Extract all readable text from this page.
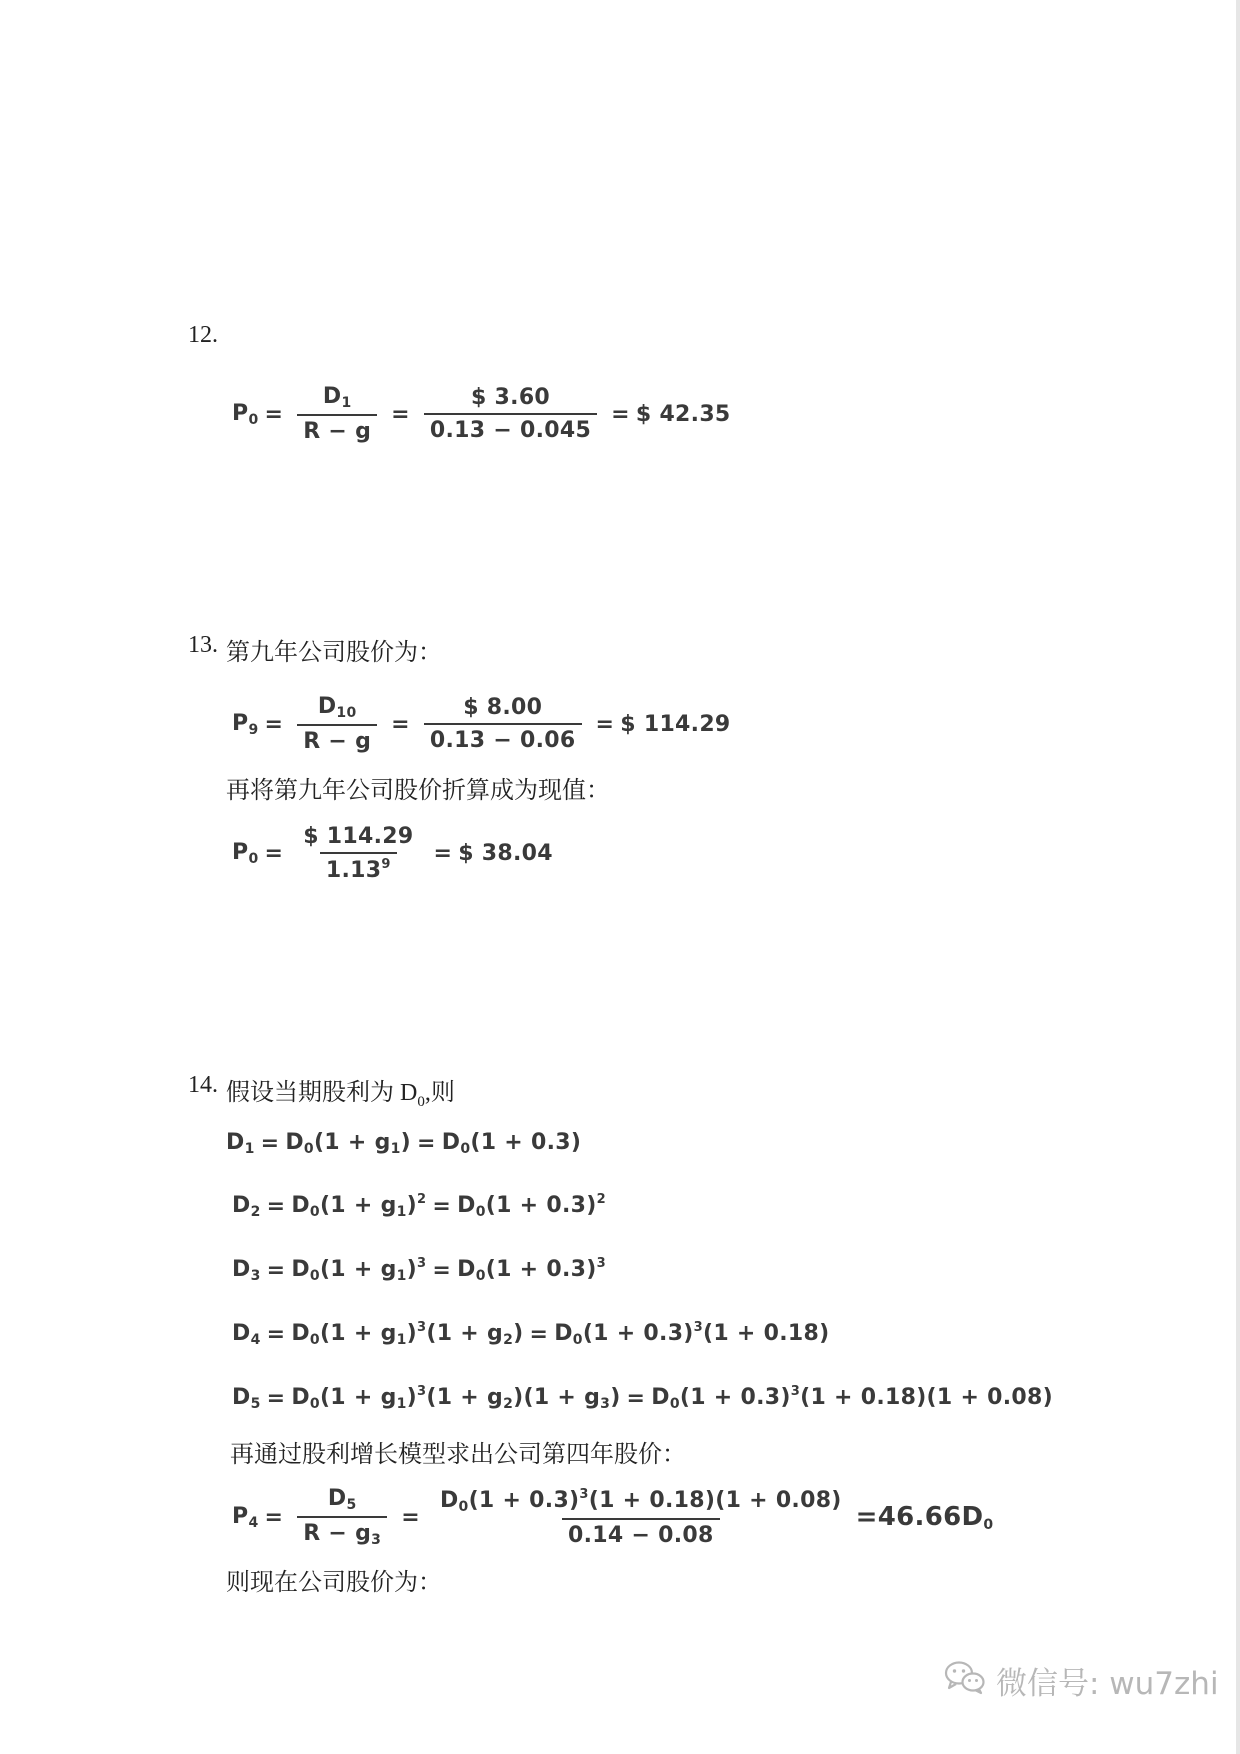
12.
$P_0 = \frac{D_1}{R - g} = \frac{\$ 3.60}{0.13 - 0.045}$ = $ 42.35
13. 第九年公司股价为：
$P_9 = \frac{D_{10}}{R - g} = \frac{\$ 8.00}{0.13 - 0.06}$ = $ 114.29
再将第九年公司股价折算成为现值：
$P_0 = \frac{\$ 114.29}{1.13^9}$ = $ 38.04
14. 假设当期股利为 $D_0$,则
$D_1 = D_0(1 + g_1) = D_0(1 + 0.3)$
$D_2 = D_0(1 + g_1)^2 = D_0(1 + 0.3)^2$
$D_3 = D_0(1 + g_1)^3 = D_0(1 + 0.3)^3$
$D_4 = D_0(1 + g_1)^3(1 + g_2) = D_0(1 + 0.3)^3(1 + 0.18)$
$D_5 = D_0(1 + g_1)^3(1 + g_2)(1 + g_3) = D_0(1 + 0.3)^3(1 + 0.18)(1 + 0.08)$
再通过股利增长模型求出公司第四年股价：
$P_4 = \frac{D_5}{R - g_3} = \frac{D_0(1 + 0.3)^3(1 + 0.18)(1 + 0.08)}{0.14 - 0.08} =46.66D_0$
则现在公司股价为：
微信号: wu7zhi
